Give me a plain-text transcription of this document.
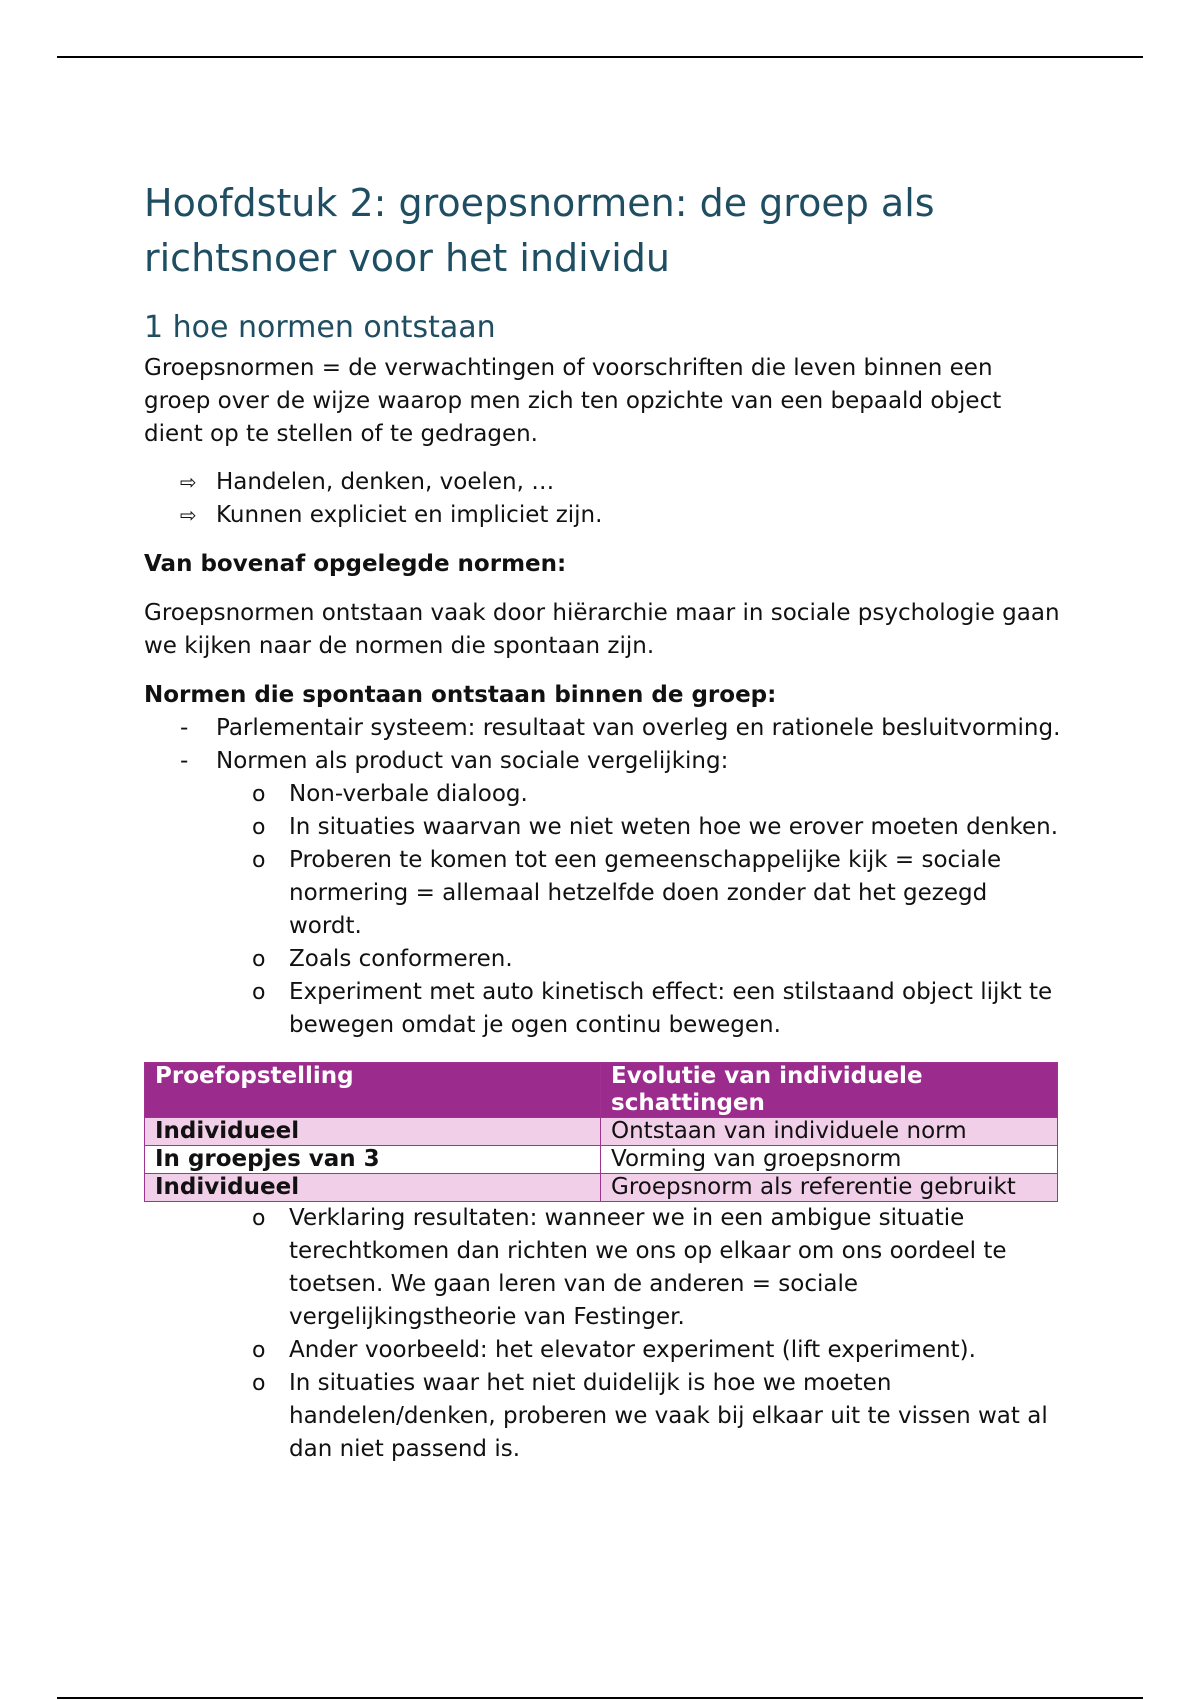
Hoofdstuk 2: groepsnormen: de groep als richtsnoer voor het individu
1 hoe normen ontstaan

Groepsnormen = de verwachtingen of voorschriften die leven binnen een groep over de wijze waarop men zich ten opzichte van een bepaald object dient op te stellen of te gedragen.

⇨ Handelen, denken, voelen, …
⇨ Kunnen expliciet en impliciet zijn.

Van bovenaf opgelegde normen:

Groepsnormen ontstaan vaak door hiërarchie maar in sociale psychologie gaan we kijken naar de normen die spontaan zijn.

Normen die spontaan ontstaan binnen de groep:

- Parlementair systeem: resultaat van overleg en rationele besluitvorming.
- Normen als product van sociale vergelijking:
o Non-verbale dialoog.
o In situaties waarvan we niet weten hoe we erover moeten denken.
o Proberen te komen tot een gemeenschappelijke kijk = sociale normering = allemaal hetzelfde doen zonder dat het gezegd wordt.
o Zoals conformeren.
o Experiment met auto kinetisch effect: een stilstaand object lijkt te bewegen omdat je ogen continu bewegen.
Proefopstelling	Evolutie van individuele schattingen
Individueel	Ontstaan van individuele norm
In groepjes van 3	Vorming van groepsnorm
Individueel	Groepsnorm als referentie gebruikt
o Verklaring resultaten: wanneer we in een ambigue situatie terechtkomen dan richten we ons op elkaar om ons oordeel te toetsen. We gaan leren van de anderen = sociale vergelijkingstheorie van Festinger.
o Ander voorbeeld: het elevator experiment (lift experiment).
o In situaties waar het niet duidelijk is hoe we moeten handelen/denken, proberen we vaak bij elkaar uit te vissen wat al dan niet passend is.
